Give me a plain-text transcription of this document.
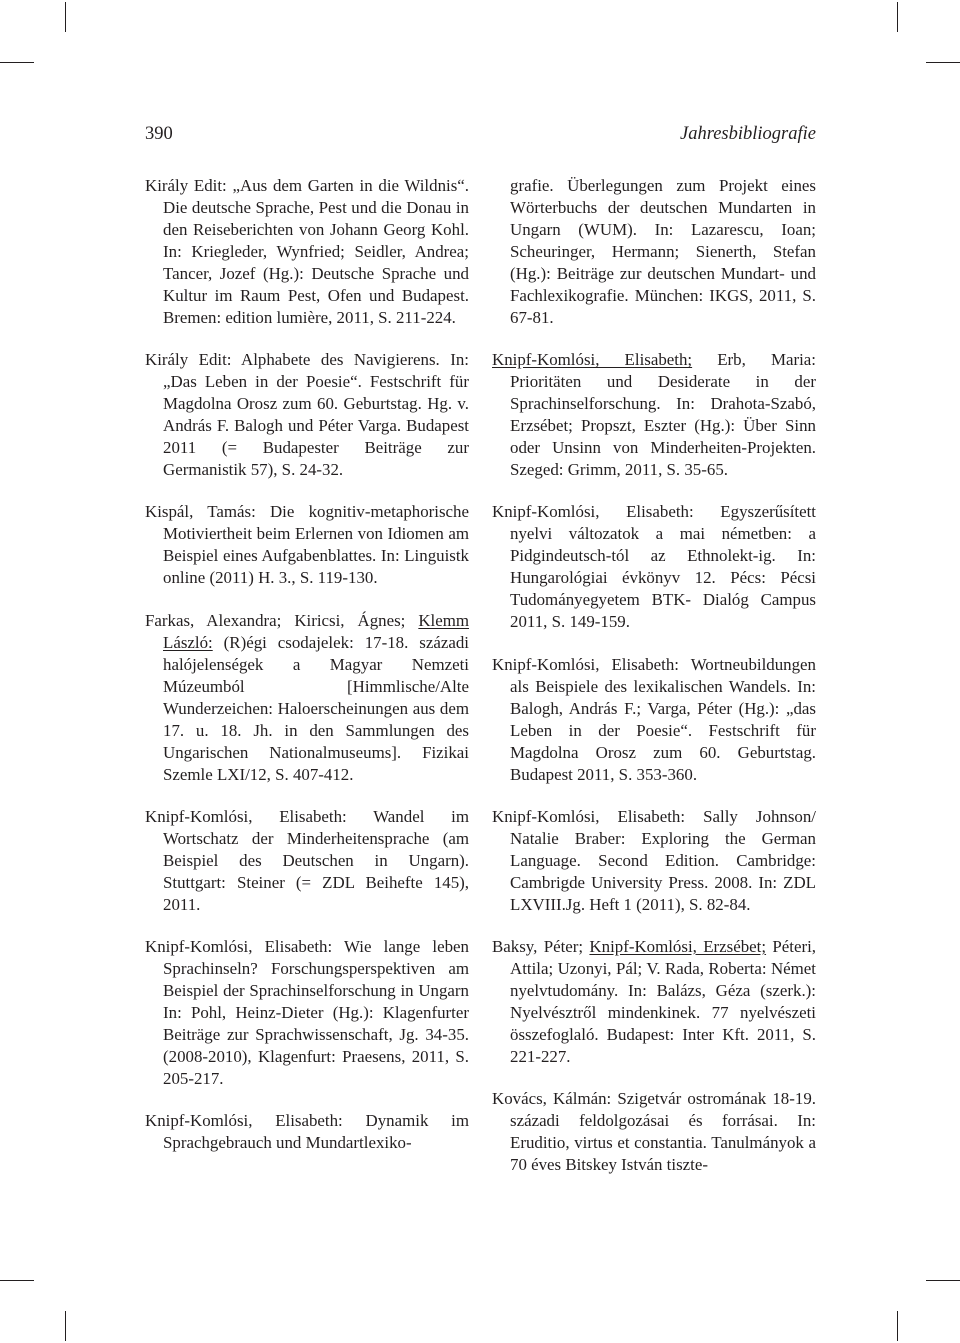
390	Jahresbibliografie

Király Edit: „Aus dem Garten in die Wildnis“. Die deutsche Sprache, Pest und die Donau in den Reiseberichten von Johann Georg Kohl. In: Kriegleder, Wynfried; Seidler, Andrea; Tancer, Jozef (Hg.): Deutsche Sprache und Kultur im Raum Pest, Ofen und Budapest. Bremen: edition lumière, 2011, S. 211-224.

Király Edit: Alphabete des Navigierens. In: „Das Leben in der Poesie“. Festschrift für Magdolna Orosz zum 60. Geburtstag. Hg. v. András F. Balogh und Péter Varga. Budapest 2011 (= Budapester Beiträge zur Germanistik 57), S. 24-32.

Kispál, Tamás: Die kognitiv-metaphorische Motiviertheit beim Erlernen von Idiomen am Beispiel eines Aufgabenblattes. In: Linguistk online (2011) H. 3., S. 119-130.

Farkas, Alexandra; Kiricsi, Ágnes; Klemm László: (R)égi csodajelek: 17-18. századi halójelenségek a Magyar Nemzeti Múzeumból [Himmlische/Alte Wunderzeichen: Haloerscheinungen aus dem 17. u. 18. Jh. in den Sammlungen des Ungarischen Nationalmuseums]. Fizikai Szemle LXI/12, S. 407-412.

Knipf-Komlósi, Elisabeth: Wandel im Wortschatz der Minderheitensprache (am Beispiel des Deutschen in Ungarn). Stuttgart: Steiner (= ZDL Beihefte 145), 2011.

Knipf-Komlósi, Elisabeth: Wie lange leben Sprachinseln? Forschungsperspektiven am Beispiel der Sprachinselforschung in Ungarn In: Pohl, Heinz-Dieter (Hg.): Klagenfurter Beiträge zur Sprachwissenschaft, Jg. 34-35. (2008-2010), Klagenfurt: Praesens, 2011, S. 205-217.

Knipf-Komlósi, Elisabeth: Dynamik im Sprachgebrauch und Mundartlexiko-

grafie. Überlegungen zum Projekt eines Wörterbuchs der deutschen Mundarten in Ungarn (WUM). In: Lazarescu, Ioan; Scheuringer, Hermann; Sienerth, Stefan (Hg.): Beiträge zur deutschen Mundart- und Fachlexikografie. München: IKGS, 2011, S. 67-81.

Knipf-Komlósi, Elisabeth; Erb, Maria: Prioritäten und Desiderate in der Sprachinselforschung. In: Drahota-Szabó, Erzsébet; Propszt, Eszter (Hg.): Über Sinn oder Unsinn von Minderheiten-Projekten. Szeged: Grimm, 2011, S. 35-65.

Knipf-Komlósi, Elisabeth: Egyszerűsített nyelvi változatok a mai németben: a Pidgindeutsch-tól az Ethnolekt-ig. In: Hungarológiai évkönyv 12. Pécs: Pécsi Tudományegyetem BTK- Dialóg Campus 2011, S. 149-159.

Knipf-Komlósi, Elisabeth: Wortneubildungen als Beispiele des lexikalischen Wandels. In: Balogh, András F.; Varga, Péter (Hg.): „das Leben in der Poesie“. Festschrift für Magdolna Orosz zum 60. Geburtstag. Budapest 2011, S. 353-360.

Knipf-Komlósi, Elisabeth: Sally Johnson/ Natalie Braber: Exploring the German Language. Second Edition. Cambridge: Cambrigde University Press. 2008. In: ZDL LXVIII.Jg. Heft 1 (2011), S. 82-84.

Baksy, Péter; Knipf-Komlósi, Erzsébet; Péteri, Attila; Uzonyi, Pál; V. Rada, Roberta: Német nyelvtudomány. In: Balázs, Géza (szerk.): Nyelvésztről mindenkinek. 77 nyelvészeti összefoglaló. Budapest: Inter Kft. 2011, S. 221-227.

Kovács, Kálmán: Szigetvár ostromának 18-19. századi feldolgozásai és forrásai. In: Eruditio, virtus et constantia. Tanulmányok a 70 éves Bitskey István tiszte-
